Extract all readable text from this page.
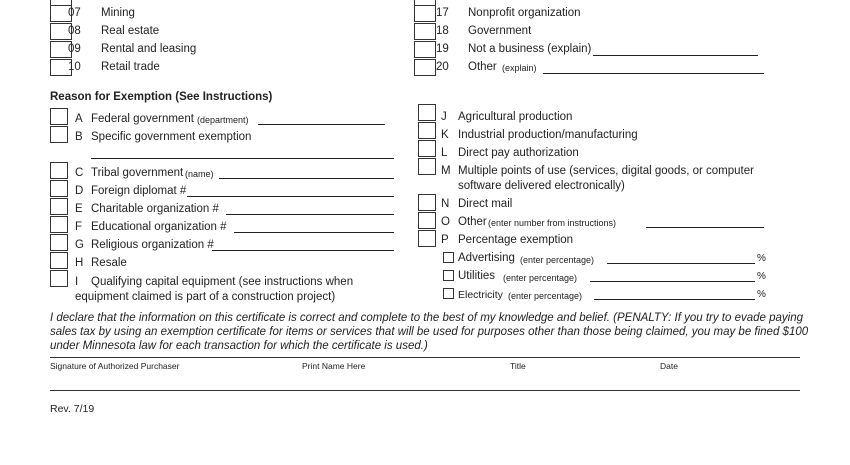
07 Mining
08 Real estate
09 Rental and leasing
10 Retail trade
17 Nonprofit organization
18 Government
19 Not a business (explain)
20 Other (explain)
Reason for Exemption (See Instructions)
A Federal government (department)
B Specific government exemption
C Tribal government (name)
D Foreign diplomat #
E Charitable organization #
F Educational organization #
G Religious organization #
H Resale
I Qualifying capital equipment (see instructions when
equipment claimed is part of a construction project)
J Agricultural production
K Industrial production/manufacturing
L Direct pay authorization
M Multiple points of use (services, digital goods, or computer
software delivered electronically)
N Direct mail
O Other (enter number from instructions)
P Percentage exemption
Advertising (enter percentage)	%
Utilities (enter percentage)	%
Electricity (enter percentage)	%
I declare that the information on this certificate is correct and complete to the best of my knowledge and belief. (PENALTY: If you try to evade paying sales tax by using an exemption certificate for items or services that will be used for purposes other than those being claimed, you may be fined $100 under Minnesota law for each transaction for which the certificate is used.)
Signature of Authorized Purchaser	Print Name Here	Title	Date
Rev. 7/19
